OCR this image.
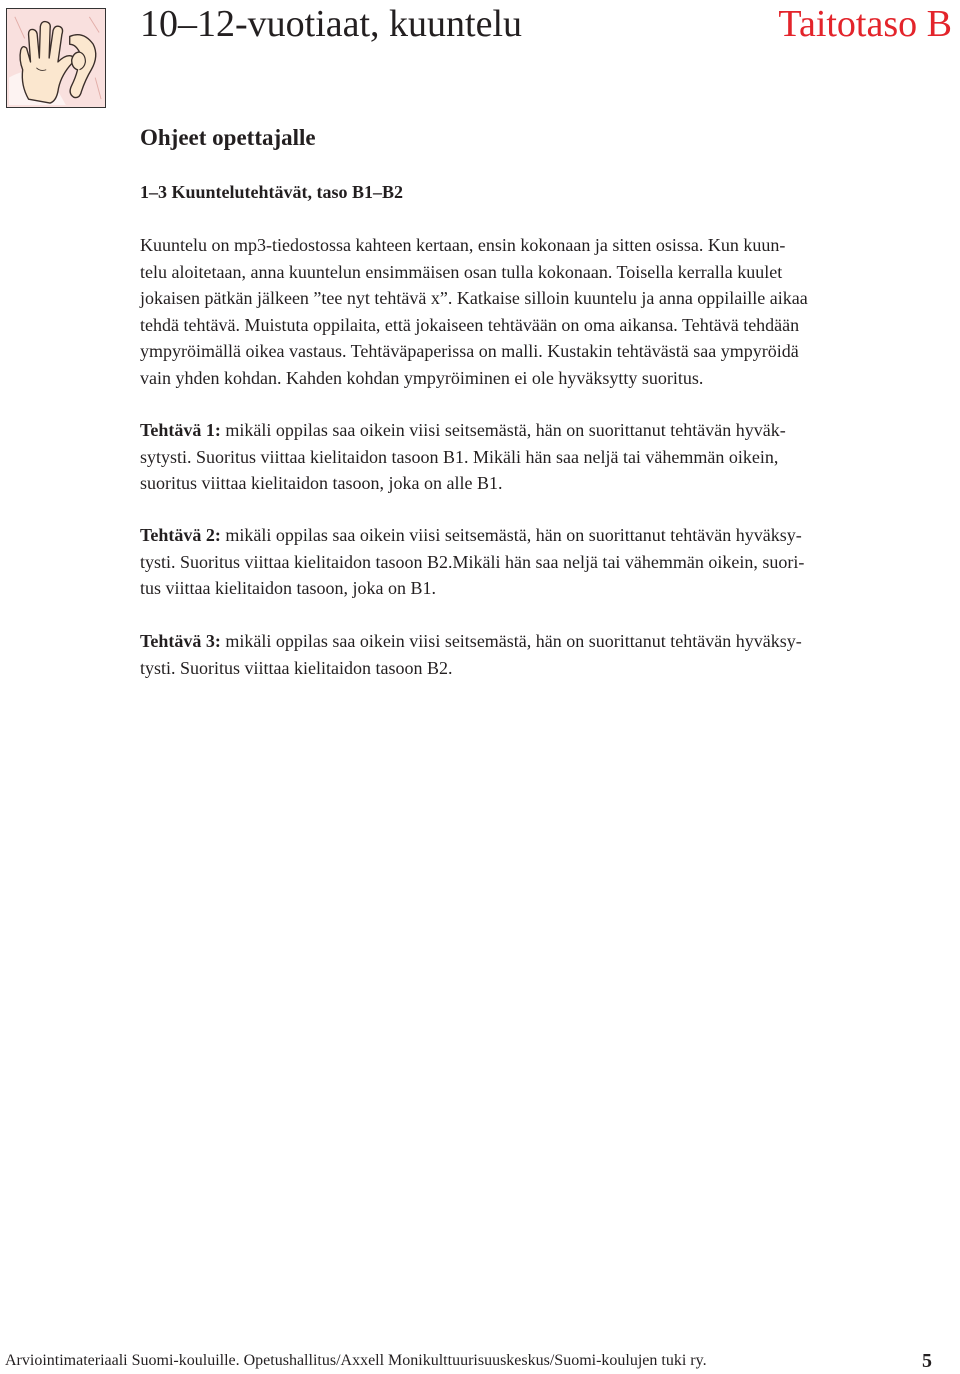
10–12-vuotiaat, kuuntelu	Taitotaso B
Ohjeet opettajalle
1–3 Kuuntelutehtävät, taso B1–B2
Kuuntelu on mp3-tiedostossa kahteen kertaan, ensin kokonaan ja sitten osissa. Kun kuun-
telu aloitetaan, anna kuuntelun ensimmäisen osan tulla kokonaan. Toisella kerralla kuulet
jokaisen pätkän jälkeen ”tee nyt tehtävä x”. Katkaise silloin kuuntelu ja anna oppilaille aikaa
tehdä tehtävä. Muistuta oppilaita, että jokaiseen tehtävään on oma aikansa. Tehtävä tehdään
ympyröimällä oikea vastaus. Tehtäväpaperissa on malli. Kustakin tehtävästä saa ympyröidä
vain yhden kohdan. Kahden kohdan ympyröiminen ei ole hyväksytty suoritus.
Tehtävä 1: mikäli oppilas saa oikein viisi seitsemästä, hän on suorittanut tehtävän hyväk-
sytysti. Suoritus viittaa kielitaidon tasoon B1. Mikäli hän saa neljä tai vähemmän oikein,
suoritus viittaa kielitaidon tasoon, joka on alle B1.
Tehtävä 2: mikäli oppilas saa oikein viisi seitsemästä, hän on suorittanut tehtävän hyväksy-
tysti. Suoritus viittaa kielitaidon tasoon B2.Mikäli hän saa neljä tai vähemmän oikein, suori-
tus viittaa kielitaidon tasoon, joka on B1.
Tehtävä 3: mikäli oppilas saa oikein viisi seitsemästä, hän on suorittanut tehtävän hyväksy-
tysti. Suoritus viittaa kielitaidon tasoon B2.
Arviointimateriaali Suomi-kouluille. Opetushallitus/Axxell Monikulttuurisuuskeskus/Suomi-koulujen tuki ry.	5
